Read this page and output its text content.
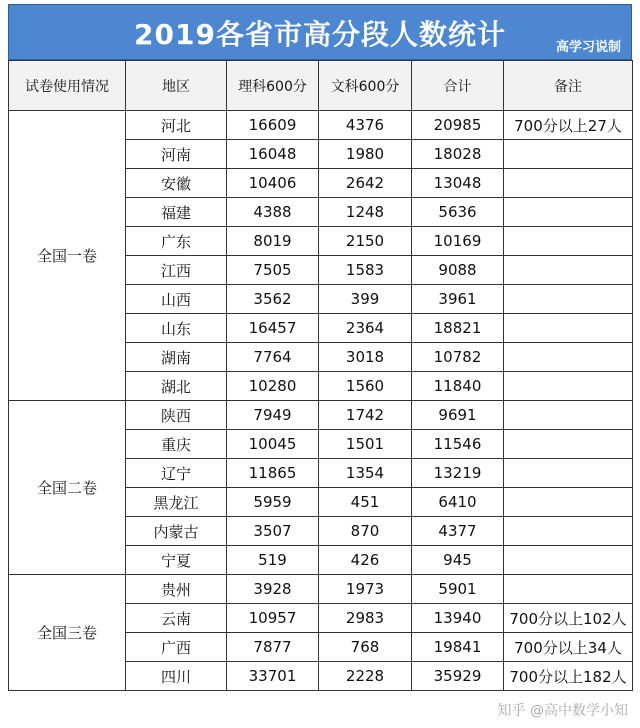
2019各省市高分段人数统计	高学习说制
试卷使用情况	地区	理科600分	文科600分	合计	备注
全国一卷	河北	16609	4376	20985	700分以上27人
	河南	16048	1980	18028	
	安徽	10406	2642	13048	
	福建	4388	1248	5636	
	广东	8019	2150	10169	
	江西	7505	1583	9088	
	山西	3562	399	3961	
	山东	16457	2364	18821	
	湖南	7764	3018	10782	
	湖北	10280	1560	11840	
全国二卷	陕西	7949	1742	9691	
	重庆	10045	1501	11546	
	辽宁	11865	1354	13219	
	黑龙江	5959	451	6410	
	内蒙古	3507	870	4377	
	宁夏	519	426	945	
全国三卷	贵州	3928	1973	5901	
	云南	10957	2983	13940	700分以上102人
	广西	7877	768	19841	700分以上34人
	四川	33701	2228	35929	700分以上182人
知乎 @高中数学小知
